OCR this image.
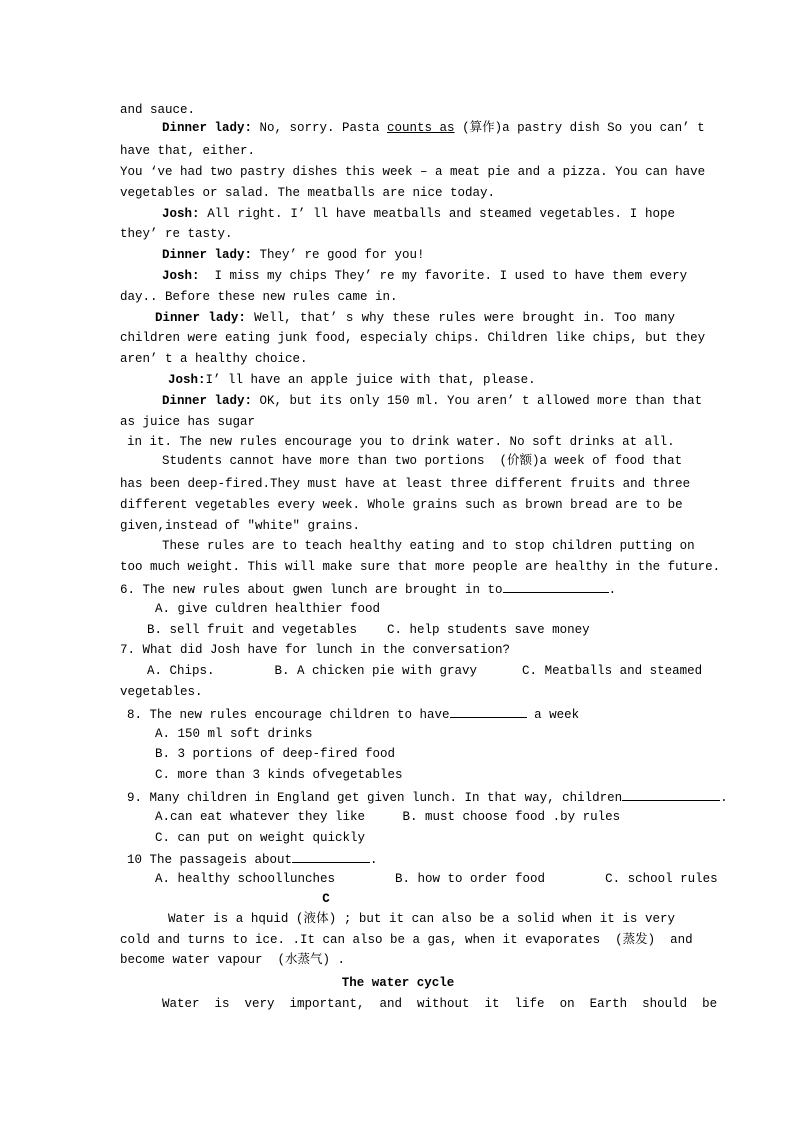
and sauce.
Dinner lady: No, sorry. Pasta counts as (算作)a pastry dish So you can’ t
have that, either.
You ‘ve had two pastry dishes this week – a meat pie and a pizza. You can have
vegetables or salad. The meatballs are nice today.
Josh: All right. I’ ll have meatballs and steamed vegetables. I hope
they’ re tasty.
Dinner lady: They’ re good for you!
Josh:  I miss my chips They’ re my favorite. I used to have them every
day.. Before these new rules came in.
Dinner lady: Well, that’ s why these rules were brought in. Too many
children were eating junk food, especialy chips. Children like chips, but they
aren’ t a healthy choice.
Josh:I’ ll have an apple juice with that, please.
Dinner lady: OK, but its only 150 ml. You aren’ t allowed more than that
as juice has sugar
in it. The new rules encourage you to drink water. No soft drinks at all.
Students cannot have more than two portions  (价额)a week of food that
has been deep-fired.They must have at least three different fruits and three
different vegetables every week. Whole grains such as brown bread are to be
given,instead of ″white″ grains.
These rules are to teach healthy eating and to stop children putting on
too much weight. This will make sure that more people are healthy in the future.
6. The new rules about gwen lunch are brought in to	.
A. give culdren healthier food
B. sell fruit and vegetables    C. help students save money
7. What did Josh have for lunch in the conversation?
A. Chips.        B. A chicken pie with gravy      C. Meatballs and steamed
vegetables.
8. The new rules encourage children to have	a week
A. 150 ml soft drinks
B. 3 portions of deep-fired food
C. more than 3 kinds ofvegetables
9. Many children in England get given lunch. In that way, children	.
A.can eat whatever they like     B. must choose food .by rules
C. can put on weight quickly
10 The passageis about	.
A. healthy schoollunches        B. how to order food        C. school rules
C
Water is a hquid (液体) ; but it can also be a solid when it is very
cold and turns to ice. .It can also be a gas, when it evaporates  (蒸发)  and
become water vapour  (水蒸气) .
The water cycle
Water  is  very  important,  and  without  it  life  on  Earth  should  be
